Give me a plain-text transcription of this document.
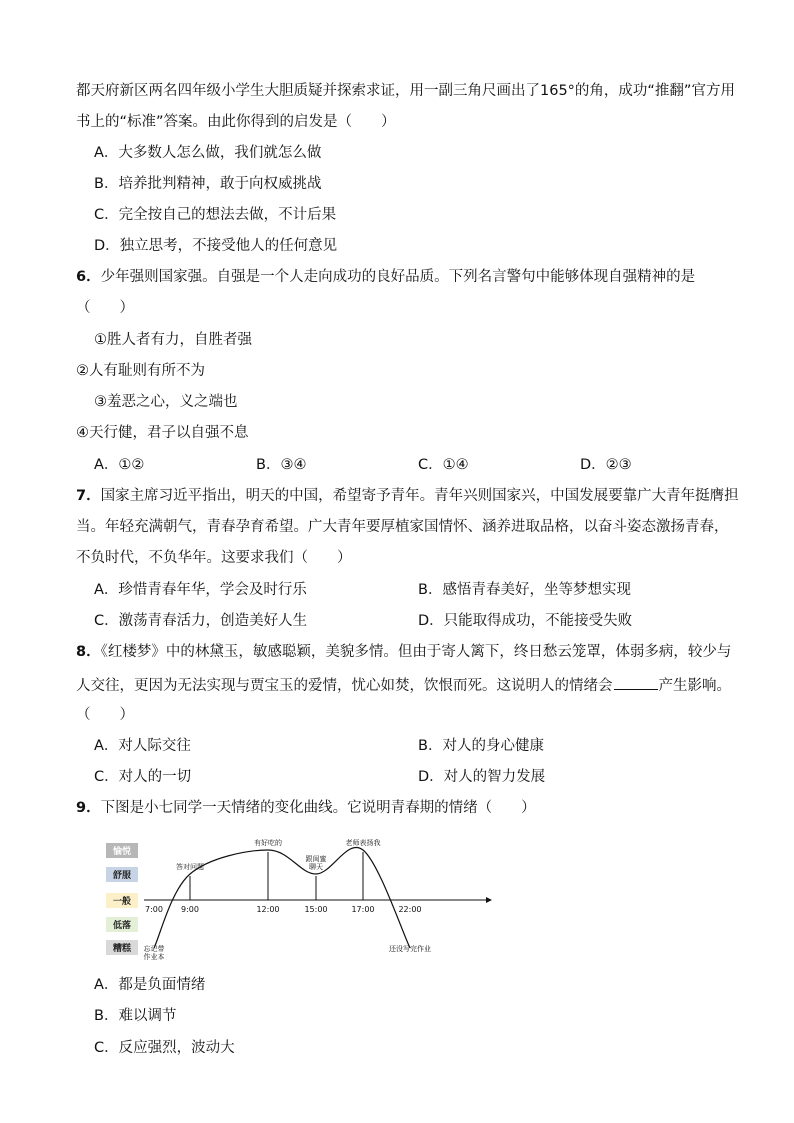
都天府新区两名四年级小学生大胆质疑并探索求证，用一副三角尺画出了165°的角，成功“推翻”官方用
书上的“标准”答案。由此你得到的启发是（　　）
A．大多数人怎么做，我们就怎么做
B．培养批判精神，敢于向权威挑战
C．完全按自己的想法去做，不计后果
D．独立思考，不接受他人的任何意见
6．少年强则国家强。自强是一个人走向成功的良好品质。下列名言警句中能够体现自强精神的是
（　　）
①胜人者有力，自胜者强
②人有耻则有所不为
③羞恶之心，义之端也
④天行健，君子以自强不息
A．①②	B．③④	C．①④	D．②③
7．国家主席习近平指出，明天的中国，希望寄予青年。青年兴则国家兴，中国发展要靠广大青年挺膺担
当。年轻充满朝气，青春孕育希望。广大青年要厚植家国情怀、涵养进取品格，以奋斗姿态激扬青春，
不负时代，不负华年。这要求我们（　　）
A．珍惜青春年华，学会及时行乐	B．感悟青春美好，坐等梦想实现
C．激荡青春活力，创造美好人生	D．只能取得成功，不能接受失败
8．《红楼梦》中的林黛玉，敏感聪颖，美貌多情。但由于寄人篱下，终日愁云笼罩，体弱多病，较少与
人交往，更因为无法实现与贾宝玉的爱情，忧心如焚，饮恨而死。这说明人的情绪会	产生影响。
（　　）
A．对人际交往	B．对人的身心健康
C．对人的一切	D．对人的智力发展
9．下图是小七同学一天情绪的变化曲线。它说明青春期的情绪（　　）
愉悦
舒服
一般
低落
糟糕
7:00 9:00	12:00	15:00	17:00	22:00
忘记带
作业本
答对问题
有好吃的
跟闺蜜
聊天
老师表扬我
还没写完作业
A．都是负面情绪
B．难以调节
C．反应强烈，波动大
